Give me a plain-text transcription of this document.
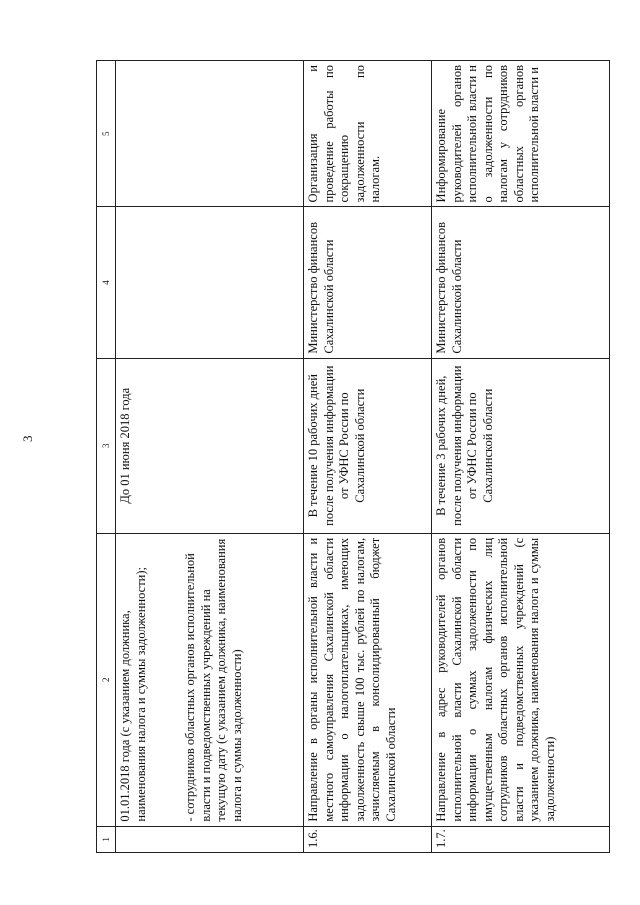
3
1	2	3	4	5

	01.01.2018 года (с указанием должника, наименования налога и суммы задолженности); - сотрудников областных органов исполнительной власти и подведомственных учреждений на текущую дату (с указанием должника, наименования налога и суммы задолженности)	До 01 июня 2018 года		

1.6.	Направление в органы исполнительной власти и местного самоуправления Сахалинской области информации о налогоплательщиках, имеющих задолженность свыше 100 тыс. рублей по налогам, зачисляемым в консолидированный бюджет Сахалинской области	В течение 10 рабочих дней после получения информации от УФНС России по Сахалинской области	Министерство финансов Сахалинской области	Организация и проведение работы по сокращению задолженности по налогам.
1.7.	Направление в адрес руководителей органов исполнительной власти Сахалинской области информации о суммах задолженности по имущественным налогам физических лиц сотрудников областных органов исполнительной власти и подведомственных учреждений (с указанием должника, наименования налога и суммы задолженности)	В течение 3 рабочих дней, после получения информации от УФНС России по Сахалинской области	Министерство финансов Сахалинской области	Информирование руководителей органов исполнительной власти н о задолженности по налогам у сотрудников областных органов исполнительной власти и
